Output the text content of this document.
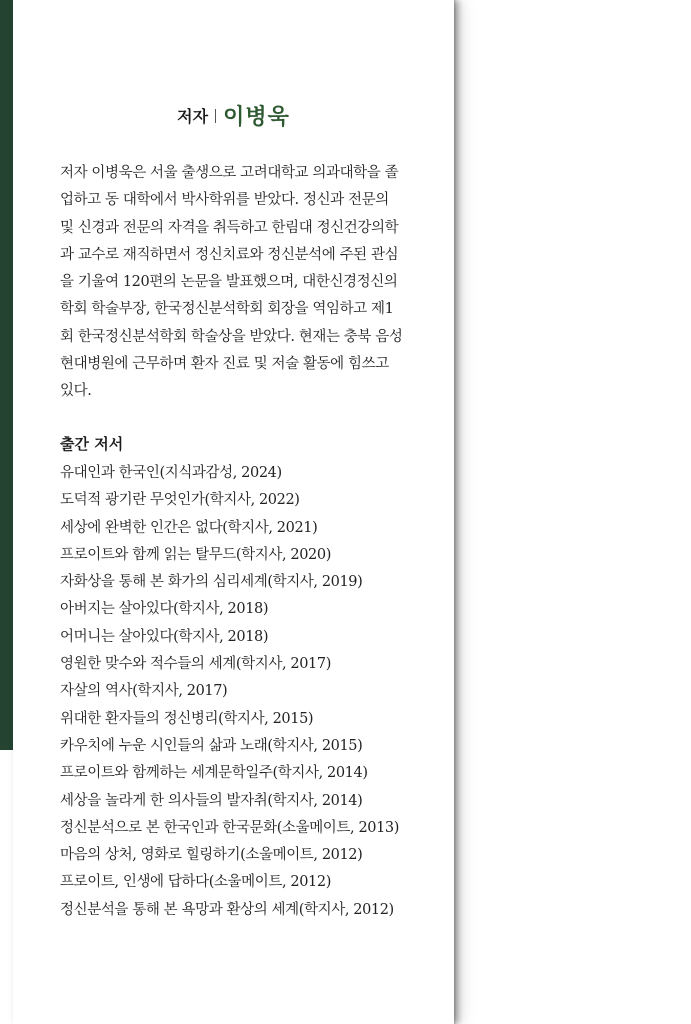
저자 이병욱
저자 이병욱은 서울 출생으로 고려대학교 의과대학을 졸
업하고 동 대학에서 박사학위를 받았다. 정신과 전문의
및 신경과 전문의 자격을 취득하고 한림대 정신건강의학
과 교수로 재직하면서 정신치료와 정신분석에 주된 관심
을 기울여 120편의 논문을 발표했으며, 대한신경정신의
학회 학술부장, 한국정신분석학회 회장을 역임하고 제1
회 한국정신분석학회 학술상을 받았다. 현재는 충북 음성
현대병원에 근무하며 환자 진료 및 저술 활동에 힘쓰고
있다.
출간 저서
유대인과 한국인(지식과감성, 2024)
도덕적 광기란 무엇인가(학지사, 2022)
세상에 완벽한 인간은 없다(학지사, 2021)
프로이트와 함께 읽는 탈무드(학지사, 2020)
자화상을 통해 본 화가의 심리세계(학지사, 2019)
아버지는 살아있다(학지사, 2018)
어머니는 살아있다(학지사, 2018)
영원한 맞수와 적수들의 세계(학지사, 2017)
자살의 역사(학지사, 2017)
위대한 환자들의 정신병리(학지사, 2015)
카우치에 누운 시인들의 삶과 노래(학지사, 2015)
프로이트와 함께하는 세계문학일주(학지사, 2014)
세상을 놀라게 한 의사들의 발자취(학지사, 2014)
정신분석으로 본 한국인과 한국문화(소울메이트, 2013)
마음의 상처, 영화로 힐링하기(소울메이트, 2012)
프로이트, 인생에 답하다(소울메이트, 2012)
정신분석을 통해 본 욕망과 환상의 세계(학지사, 2012)
